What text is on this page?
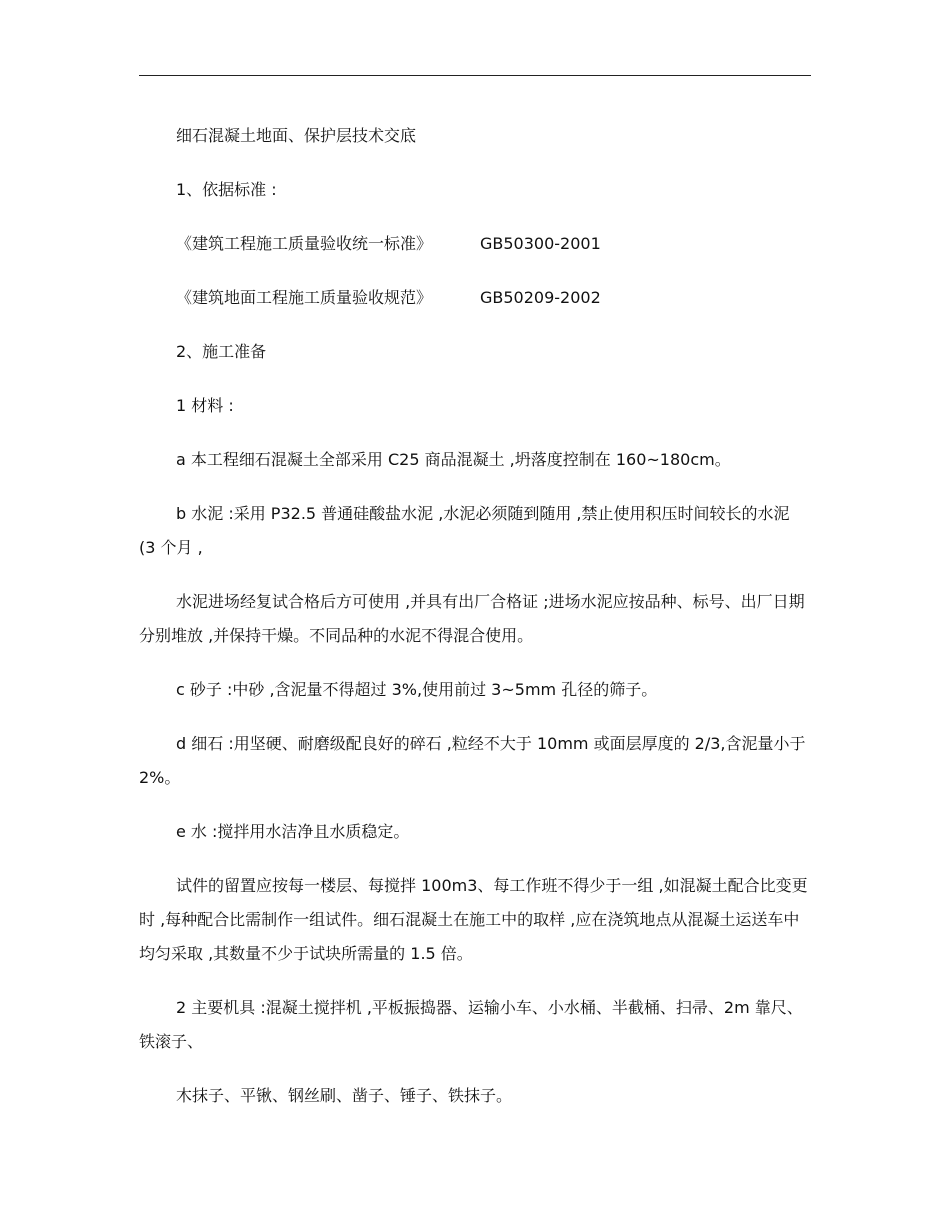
细石混凝土地面、保护层技术交底

1、依据标准 :

《建筑工程施工质量验收统一标准》	GB50300-2001
《建筑地面工程施工质量验收规范》	GB50209-2002

2、施工准备

1 材料 :

a 本工程细石混凝土全部采用 C25 商品混凝土 ,坍落度控制在 160~180cm。

b 水泥 :采用 P32.5 普通硅酸盐水泥 ,水泥必须随到随用 ,禁止使用积压时间较长的水泥 (3 个月 ,

水泥进场经复试合格后方可使用 ,并具有出厂合格证 ;进场水泥应按品种、标号、出厂日期分别堆放 ,并保持干燥。不同品种的水泥不得混合使用。

c 砂子 :中砂 ,含泥量不得超过 3%,使用前过 3~5mm 孔径的筛子。

d 细石 :用坚硬、耐磨级配良好的碎石 ,粒经不大于 10mm 或面层厚度的 2/3,含泥量小于 2%。

e 水 :搅拌用水洁净且水质稳定。

试件的留置应按每一楼层、每搅拌 100m3、每工作班不得少于一组 ,如混凝土配合比变更时 ,每种配合比需制作一组试件。细石混凝土在施工中的取样 ,应在浇筑地点从混凝土运送车中均匀采取 ,其数量不少于试块所需量的 1.5 倍。

2 主要机具 :混凝土搅拌机 ,平板振捣器、运输小车、小水桶、半截桶、扫帚、2m 靠尺、铁滚子、

木抹子、平锹、钢丝刷、凿子、锤子、铁抹子。
